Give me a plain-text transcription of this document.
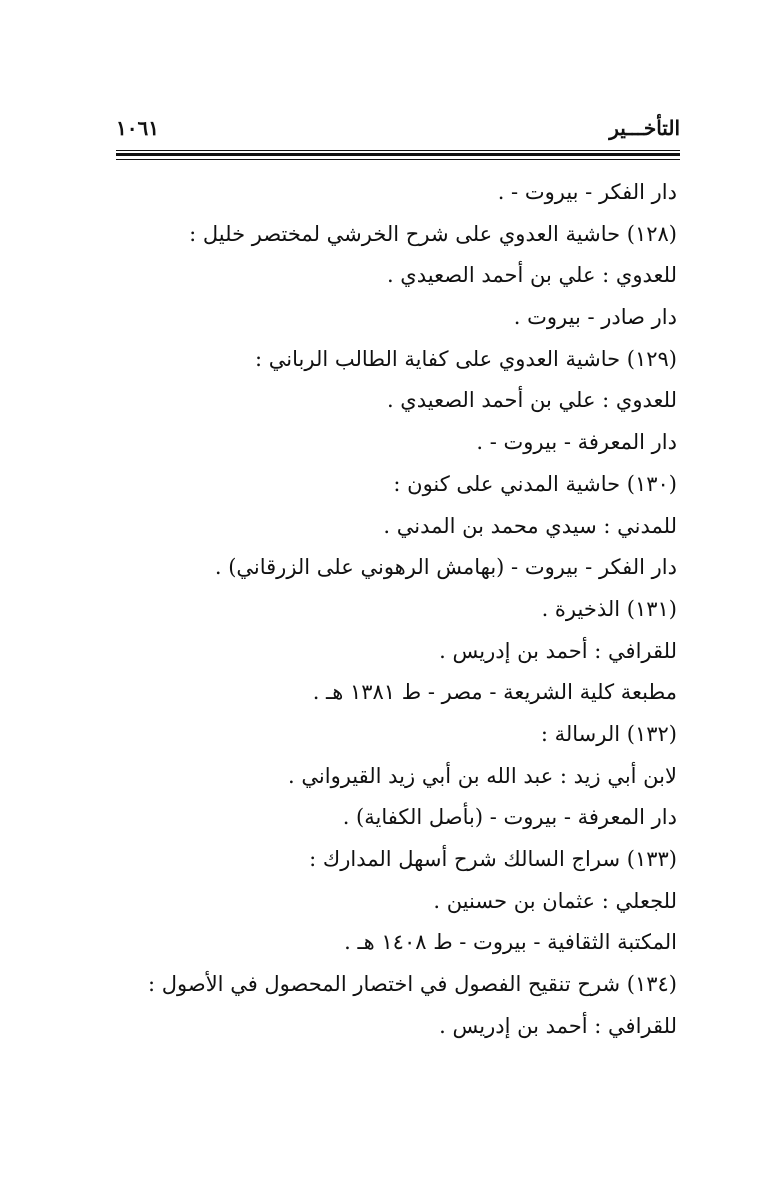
التأخـــير
١٠٦١
دار الفكر - بيروت - .
(١٢٨) حاشية العدوي على شرح الخرشي لمختصر خليل :
للعدوي : علي بن أحمد الصعيدي .
دار صادر - بيروت .
(١٢٩) حاشية العدوي على كفاية الطالب الرباني :
للعدوي : علي بن أحمد الصعيدي .
دار المعرفة - بيروت - .
(١٣٠) حاشية المدني على كنون :
للمدني : سيدي محمد بن المدني .
دار الفكر - بيروت - (بهامش الرهوني على الزرقاني) .
(١٣١) الذخيرة .
للقرافي : أحمد بن إدريس .
مطبعة كلية الشريعة - مصر - ط ١٣٨١ هـ .
(١٣٢) الرسالة :
لابن أبي زيد : عبد الله بن أبي زيد القيرواني .
دار المعرفة - بيروت - (بأصل الكفاية) .
(١٣٣) سراج السالك شرح أسهل المدارك :
للجعلي : عثمان بن حسنين .
المكتبة الثقافية - بيروت - ط ١٤٠٨ هـ .
(١٣٤) شرح تنقيح الفصول في اختصار المحصول في الأصول :
للقرافي : أحمد بن إدريس .
